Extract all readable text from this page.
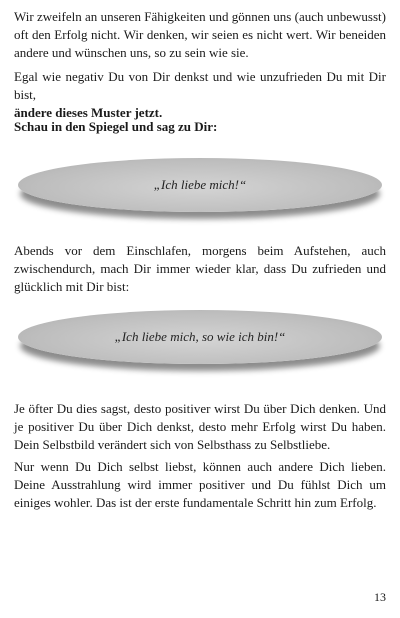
Wir zweifeln an unseren Fähigkeiten und gönnen uns (auch unbewusst) oft den Erfolg nicht. Wir denken, wir seien es nicht wert. Wir beneiden andere und wünschen uns, so zu sein wie sie.

Egal wie negativ Du von Dir denkst und wie unzufrieden Du mit Dir bist,
ändere dieses Muster jetzt.

Schau in den Spiegel und sag zu Dir:

„Ich liebe mich!“

Abends vor dem Einschlafen, morgens beim Aufstehen, auch zwischendurch, mach Dir immer wieder klar, dass Du zufrieden und glücklich mit Dir bist:

„Ich liebe mich, so wie ich bin!“

Je öfter Du dies sagst, desto positiver wirst Du über Dich denken. Und je positiver Du über Dich denkst, desto mehr Erfolg wirst Du haben. Dein Selbstbild verändert sich von Selbsthass zu Selbstliebe.

Nur wenn Du Dich selbst liebst, können auch andere Dich lieben. Deine Ausstrahlung wird immer positiver und Du fühlst Dich um einiges wohler. Das ist der erste fundamentale Schritt hin zum Erfolg.

13
